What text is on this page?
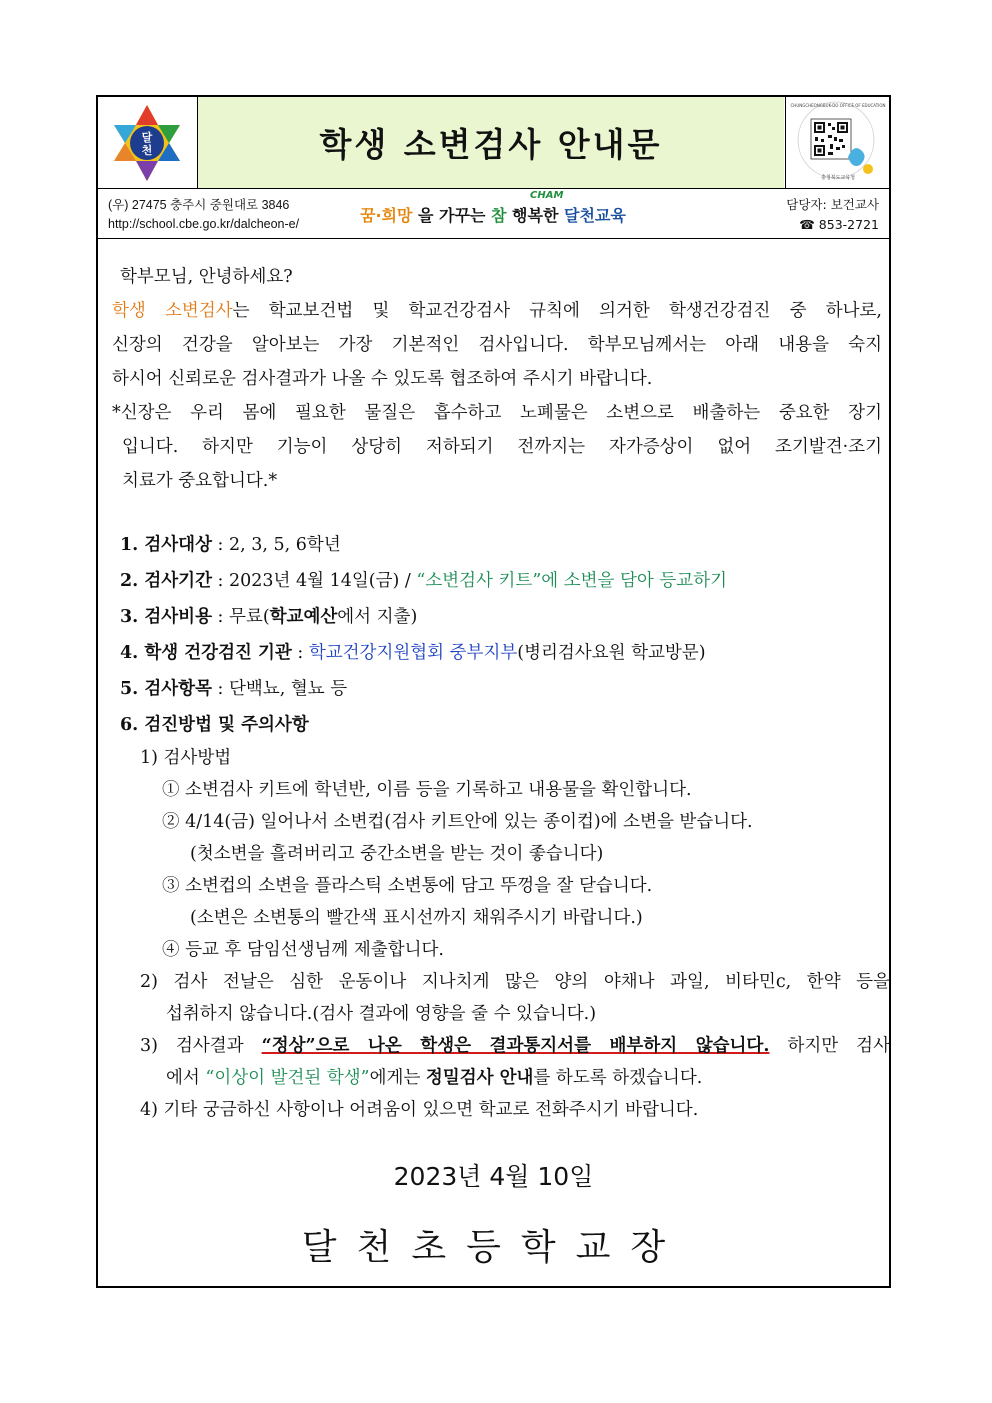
달
천	학생 소변검사 안내문
충청북도교육청
CHUNGCHEONGBUK-DO OFFICE OF EDUCATION
(우) 27475 충주시 중원대로 3846
http://school.cbe.go.kr/dalcheon-e/
CHAM
꿈·희망 을 가꾸는 참 행복한 달천교육
담당자: 보건교사
☎ 853-2721
학부모님, 안녕하세요?
학생 소변검사는 학교보건법 및 학교건강검사 규칙에 의거한 학생건강검진 중 하나로,
신장의 건강을 알아보는 가장 기본적인 검사입니다. 학부모님께서는 아래 내용을 숙지
하시어 신뢰로운 검사결과가 나올 수 있도록 협조하여 주시기 바랍니다.
*신장은 우리 몸에 필요한 물질은 흡수하고 노폐물은 소변으로 배출하는 중요한 장기
입니다. 하지만 기능이 상당히 저하되기 전까지는 자가증상이 없어 조기발견·조기
치료가 중요합니다.*
1. 검사대상 : 2, 3, 5, 6학년
2. 검사기간 : 2023년 4월 14일(금) / “소변검사 키트”에 소변을 담아 등교하기
3. 검사비용 : 무료(학교예산에서 지출)
4. 학생 건강검진 기관 : 학교건강지원협회 중부지부(병리검사요원 학교방문)
5. 검사항목 : 단백뇨, 혈뇨 등
6. 검진방법 및 주의사항
1) 검사방법
① 소변검사 키트에 학년반, 이름 등을 기록하고 내용물을 확인합니다.
② 4/14(금) 일어나서 소변컵(검사 키트안에 있는 종이컵)에 소변을 받습니다.
(첫소변을 흘려버리고 중간소변을 받는 것이 좋습니다)
③ 소변컵의 소변을 플라스틱 소변통에 담고 뚜껑을 잘 닫습니다.
(소변은 소변통의 빨간색 표시선까지 채워주시기 바랍니다.)
④ 등교 후 담임선생님께 제출합니다.
2) 검사 전날은 심한 운동이나 지나치게 많은 양의 야채나 과일, 비타민c, 한약 등을
섭취하지 않습니다.(검사 결과에 영향을 줄 수 있습니다.)
3) 검사결과 “정상”으로 나온 학생은 결과통지서를 배부하지 않습니다. 하지만 검사
에서 “이상이 발견된 학생”에게는 정밀검사 안내를 하도록 하겠습니다.
4) 기타 궁금하신 사항이나 어려움이 있으면 학교로 전화주시기 바랍니다.
2023년 4월 10일
달천초등학교장
